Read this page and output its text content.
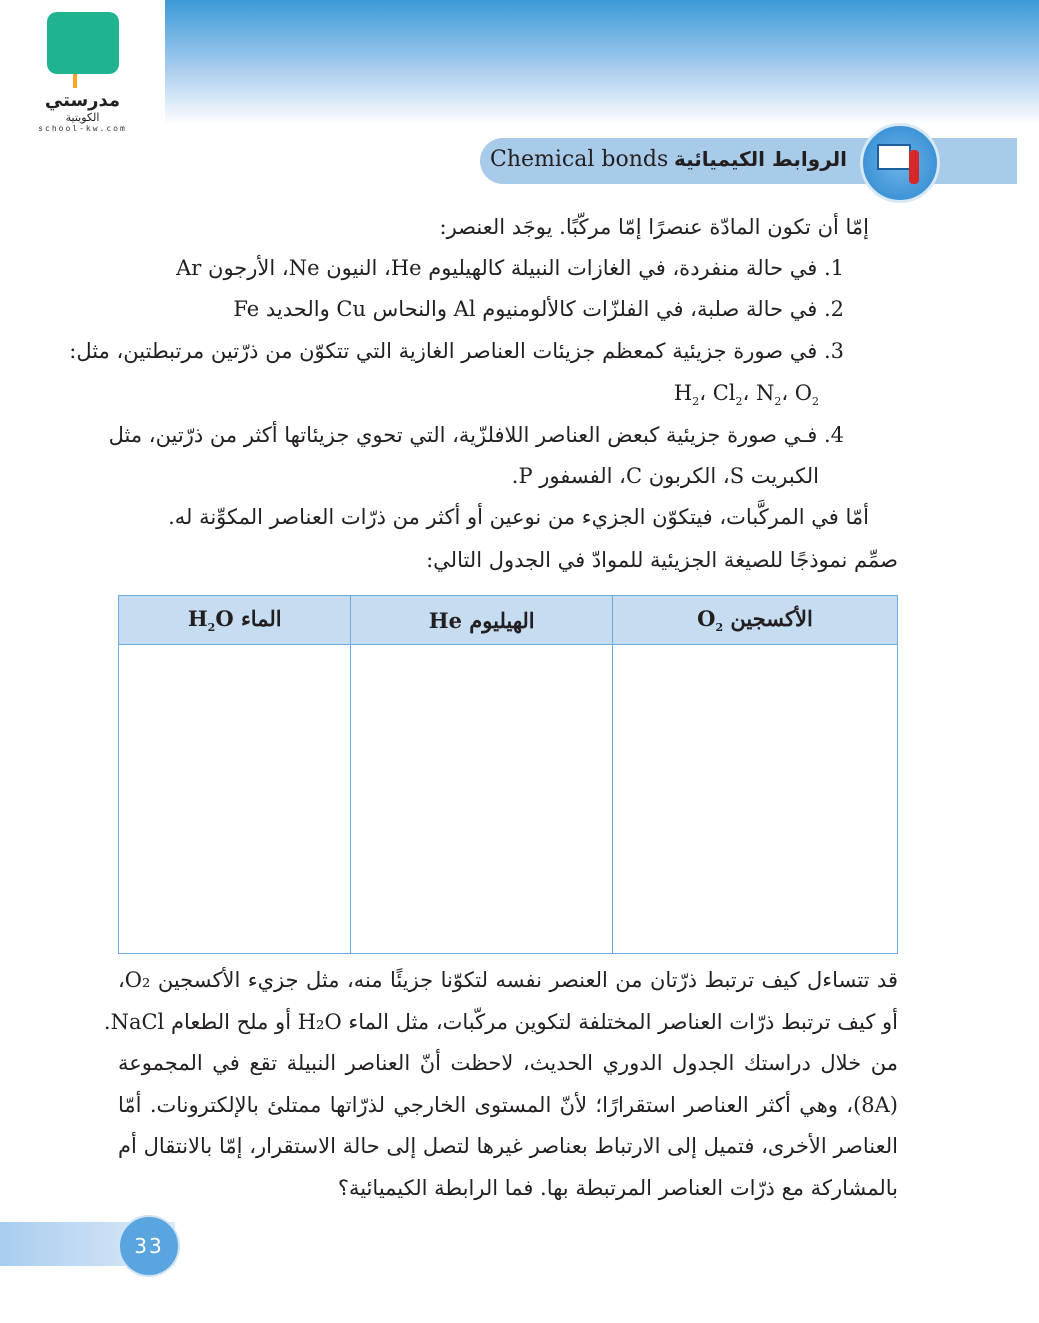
مدرستي
الكويتية
school-kw.com
Chemical bonds الروابط الكيميائية
إمّا أن تكون المادّة عنصرًا إمّا مركّبًا. يوجَد العنصر:
1. في حالة منفردة، في الغازات النبيلة كالهيليوم He، النيون Ne، الأرجون Ar
2. في حالة صلبة، في الفلزّات كالألومنيوم Al والنحاس Cu والحديد Fe
3. في صورة جزيئية كمعظم جزيئات العناصر الغازية التي تتكوّن من ذرّتين مرتبطتين، مثل:
$H_2،$ $Cl_2،$ $N_2،$ $O_2$
4. فـي صورة جزيئية كبعض العناصر اللافلزّية، التي تحوي جزيئاتها أكثر من ذرّتين، مثل
الكبريت S، الكربون C، الفسفور P.
أمّا في المركَّبات، فيتكوّن الجزيء من نوعين أو أكثر من ذرّات العناصر المكوِّنة له.
صمِّم نموذجًا للصيغة الجزيئية للموادّ في الجدول التالي:
الأكسجين $O_2$	الهيليوم He	الماء $H_2O$

قد تتساءل كيف ترتبط ذرّتان من العنصر نفسه لتكوّنا جزيئًا منه، مثل جزيء الأكسجين O₂،
أو كيف ترتبط ذرّات العناصر المختلفة لتكوين مركّبات، مثل الماء H₂O أو ملح الطعام NaCl.
من خلال دراستك الجدول الدوري الحديث، لاحظت أنّ العناصر النبيلة تقع في المجموعة
(8A)، وهي أكثر العناصر استقرارًا؛ لأنّ المستوى الخارجي لذرّاتها ممتلئ بالإلكترونات. أمّا
العناصر الأخرى، فتميل إلى الارتباط بعناصر غيرها لتصل إلى حالة الاستقرار، إمّا بالانتقال أم
بالمشاركة مع ذرّات العناصر المرتبطة بها. فما الرابطة الكيميائية؟
33
